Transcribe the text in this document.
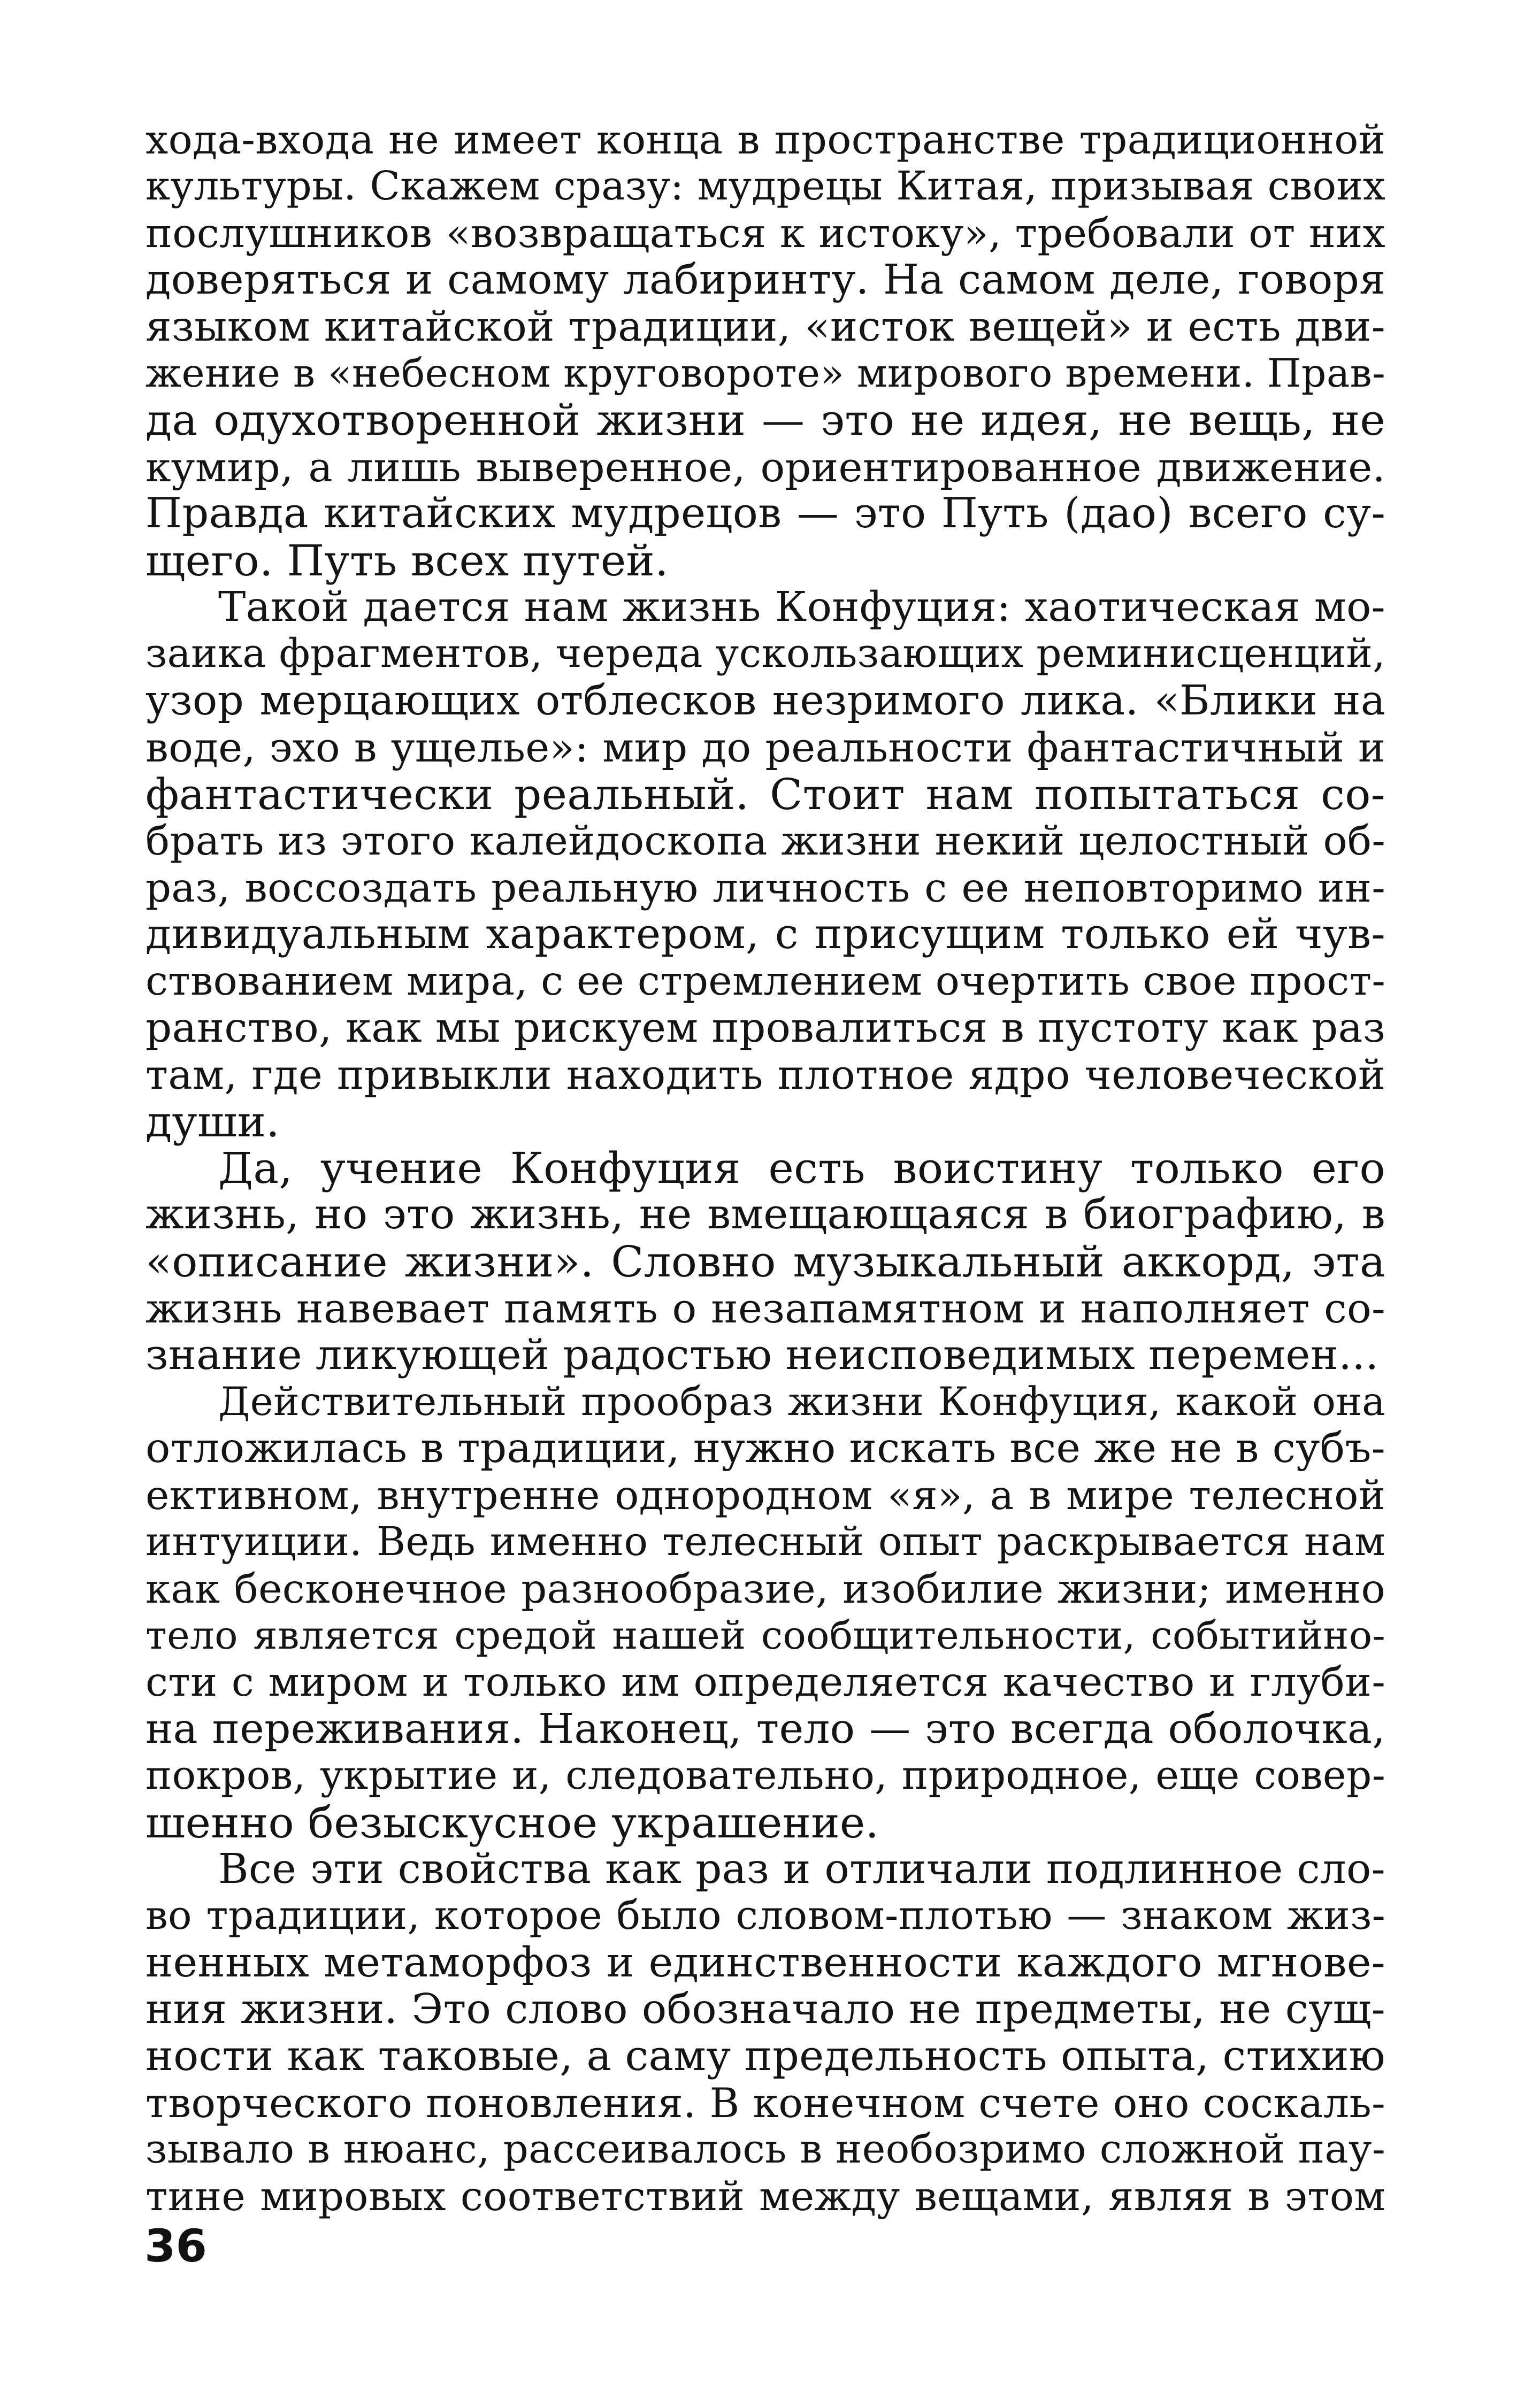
хода-входа не имеет конца в пространстве традиционной
культуры. Скажем сразу: мудрецы Китая, призывая своих
послушников «возвращаться к истоку», требовали от них
доверяться и самому лабиринту. На самом деле, говоря
языком китайской традиции, «исток вещей» и есть дви-
жение в «небесном круговороте» мирового времени. Прав-
да одухотворенной жизни — это не идея, не вещь, не
кумир, а лишь выверенное, ориентированное движение.
Правда китайских мудрецов — это Путь (дао) всего су-
щего. Путь всех путей.

Такой дается нам жизнь Конфуция: хаотическая мо-
заика фрагментов, череда ускользающих реминисценций,
узор мерцающих отблесков незримого лика. «Блики на
воде, эхо в ущелье»: мир до реальности фантастичный и
фантастически реальный. Стоит нам попытаться со-
брать из этого калейдоскопа жизни некий целостный об-
раз, воссоздать реальную личность с ее неповторимо ин-
дивидуальным характером, с присущим только ей чув-
ствованием мира, с ее стремлением очертить свое прост-
ранство, как мы рискуем провалиться в пустоту как раз
там, где привыкли находить плотное ядро человеческой
души.

Да, учение Конфуция есть воистину только его
жизнь, но это жизнь, не вмещающаяся в биографию, в
«описание жизни». Словно музыкальный аккорд, эта
жизнь навевает память о незапамятном и наполняет со-
знание ликующей радостью неисповедимых перемен...

Действительный прообраз жизни Конфуция, какой она
отложилась в традиции, нужно искать все же не в субъ-
ективном, внутренне однородном «я», а в мире телесной
интуиции. Ведь именно телесный опыт раскрывается нам
как бесконечное разнообразие, изобилие жизни; именно
тело является средой нашей сообщительности, событийно-
сти с миром и только им определяется качество и глуби-
на переживания. Наконец, тело — это всегда оболочка,
покров, укрытие и, следовательно, природное, еще совер-
шенно безыскусное украшение.

Все эти свойства как раз и отличали подлинное сло-
во традиции, которое было словом-плотью — знаком жиз-
ненных метаморфоз и единственности каждого мгнове-
ния жизни. Это слово обозначало не предметы, не сущ-
ности как таковые, а саму предельность опыта, стихию
творческого поновления. В конечном счете оно соскаль-
зывало в нюанс, рассеивалось в необозримо сложной пау-
тине мировых соответствий между вещами, являя в этом

36
